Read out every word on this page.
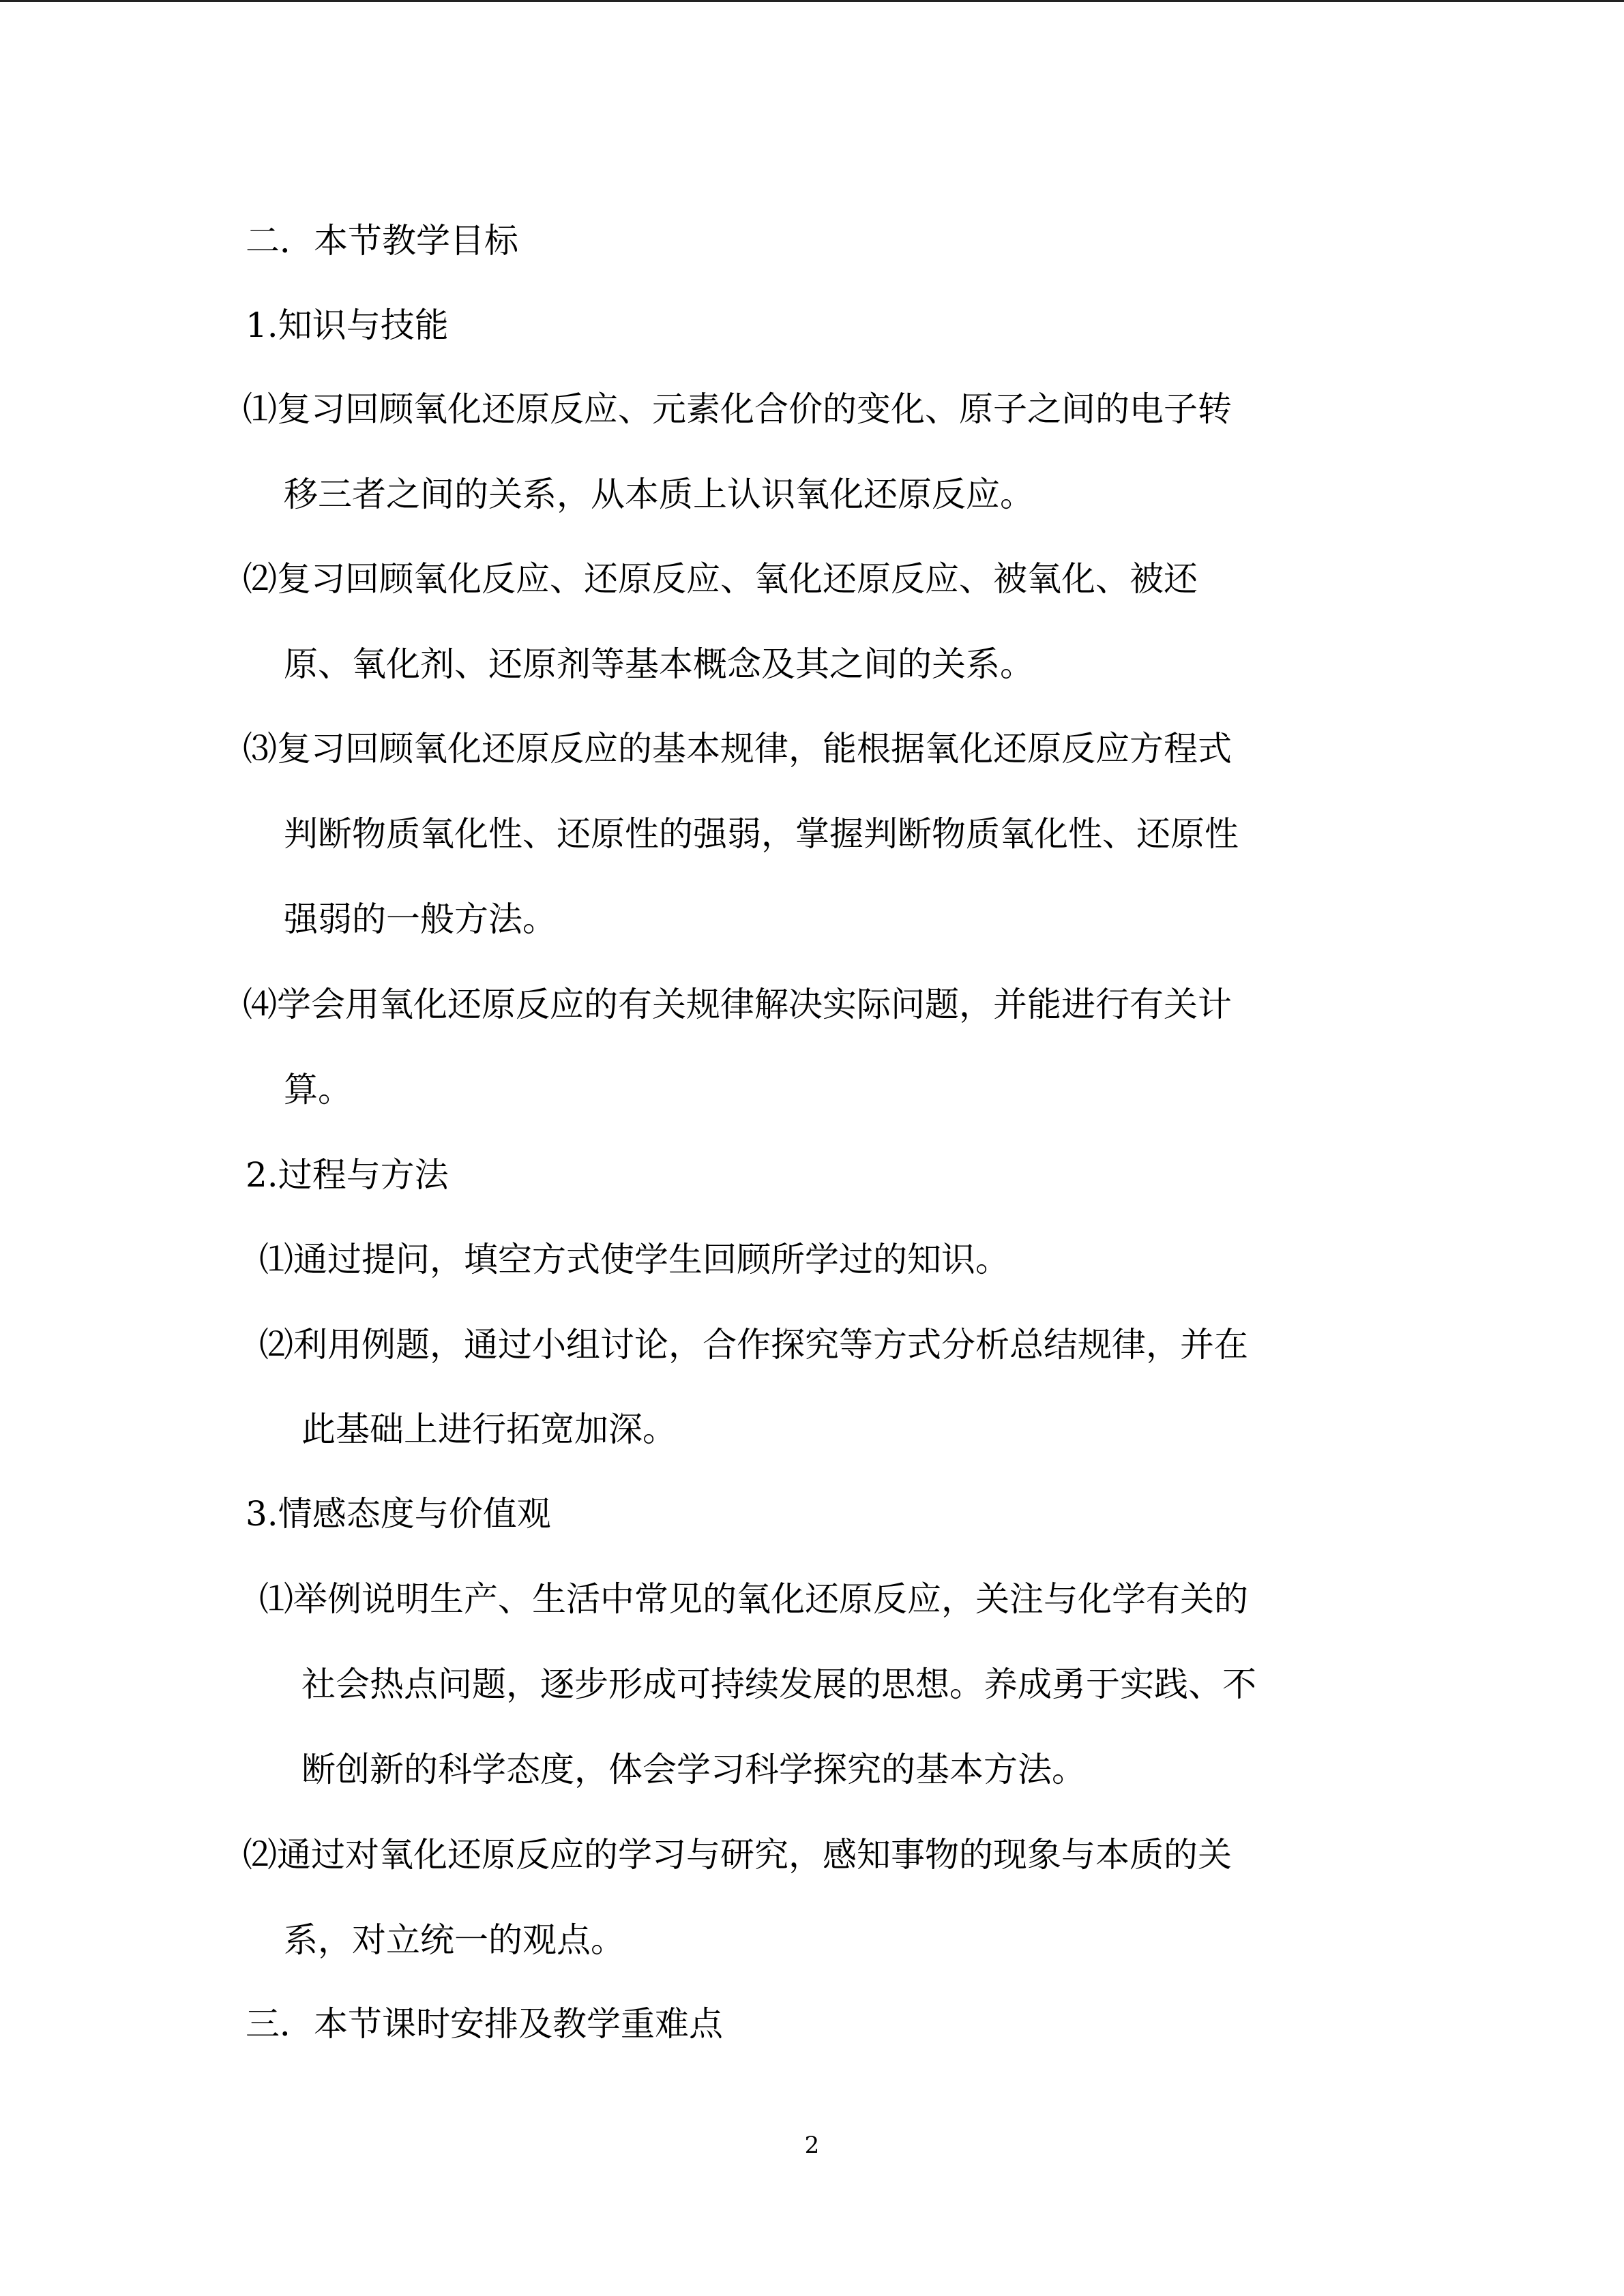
二．本节教学目标
1.知识与技能
⑴复习回顾氧化还原反应、元素化合价的变化、原子之间的电子转
移三者之间的关系，从本质上认识氧化还原反应。
⑵复习回顾氧化反应、还原反应、氧化还原反应、被氧化、被还
原、氧化剂、还原剂等基本概念及其之间的关系。
⑶复习回顾氧化还原反应的基本规律，能根据氧化还原反应方程式
判断物质氧化性、还原性的强弱，掌握判断物质氧化性、还原性
强弱的一般方法。
⑷学会用氧化还原反应的有关规律解决实际问题，并能进行有关计
算。
2.过程与方法
⑴通过提问，填空方式使学生回顾所学过的知识。
⑵利用例题，通过小组讨论，合作探究等方式分析总结规律，并在
此基础上进行拓宽加深。
3.情感态度与价值观
⑴举例说明生产、生活中常见的氧化还原反应，关注与化学有关的
社会热点问题，逐步形成可持续发展的思想。养成勇于实践、不
断创新的科学态度，体会学习科学探究的基本方法。
⑵通过对氧化还原反应的学习与研究，感知事物的现象与本质的关
系，对立统一的观点。
三．本节课时安排及教学重难点
2
